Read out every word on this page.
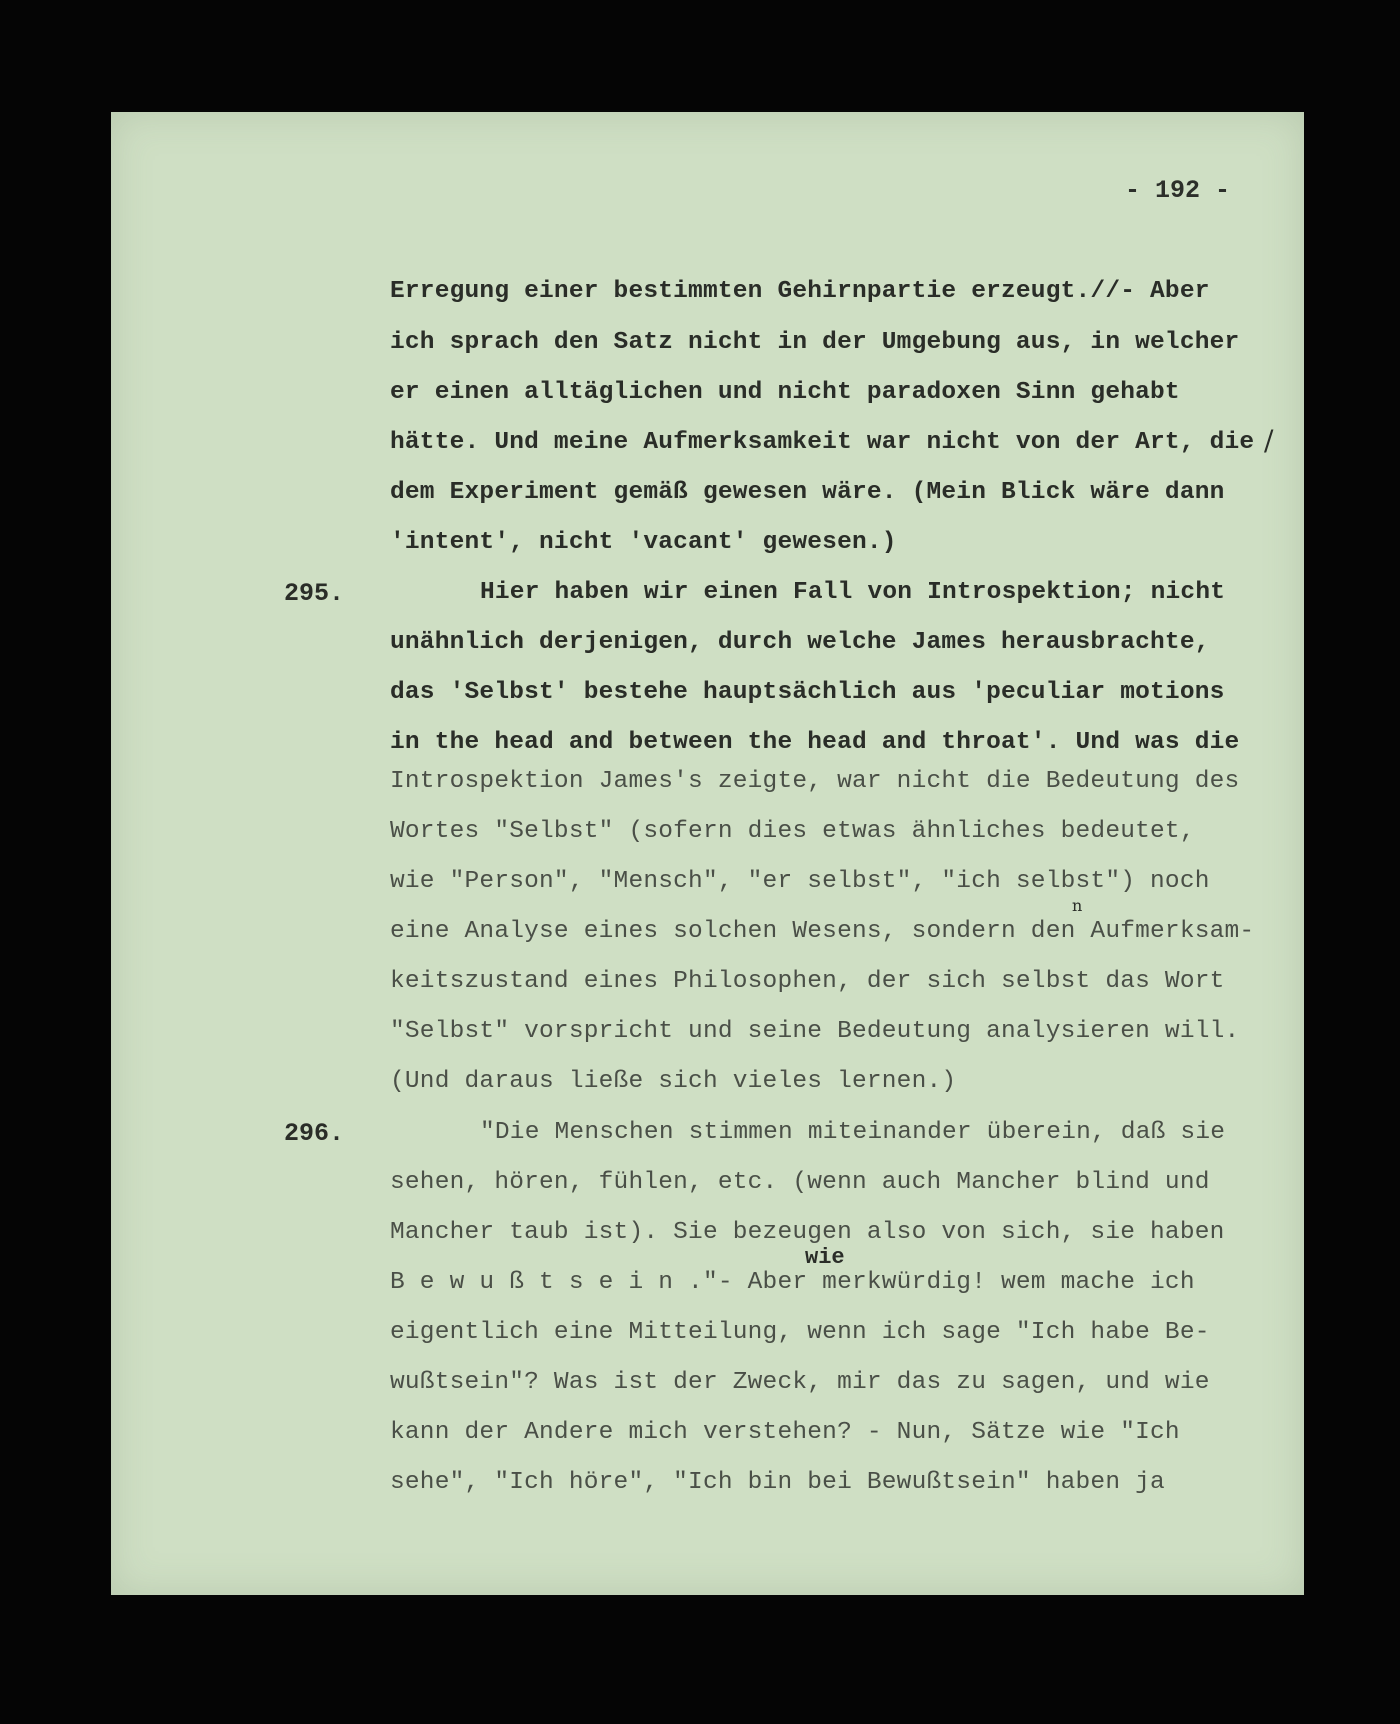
- 192 -
Erregung einer bestimmten Gehirnpartie erzeugt.//- Aber
ich sprach den Satz nicht in der Umgebung aus, in welcher
er einen alltäglichen und nicht paradoxen Sinn gehabt
hätte. Und meine Aufmerksamkeit war nicht von der Art, die /
dem Experiment gemäß gewesen wäre. (Mein Blick wäre dann
'intent', nicht 'vacant' gewesen.)
295.	Hier haben wir einen Fall von Introspektion; nicht
unähnlich derjenigen, durch welche James herausbrachte,
das 'Selbst' bestehe hauptsächlich aus 'peculiar motions
in the head and between the head and throat'. Und was die
Introspektion James's zeigte, war nicht die Bedeutung des
Wortes "Selbst" (sofern dies etwas ähnliches bedeutet,
wie "Person", "Mensch", "er selbst", "ich selbst") noch
n
eine Analyse eines solchen Wesens, sondern den Aufmerksam-
keitszustand eines Philosophen, der sich selbst das Wort
"Selbst" vorspricht und seine Bedeutung analysieren will.
(Und daraus ließe sich vieles lernen.)
296.	"Die Menschen stimmen miteinander überein, daß sie
sehen, hören, fühlen, etc. (wenn auch Mancher blind und
Mancher taub ist). Sie bezeugen also von sich, sie haben
wie
B e w u ß t s e i n ."- Aber merkwürdig! wem mache ich
eigentlich eine Mitteilung, wenn ich sage "Ich habe Be-
wußtsein"? Was ist der Zweck, mir das zu sagen, und wie
kann der Andere mich verstehen? - Nun, Sätze wie "Ich
sehe", "Ich höre", "Ich bin bei Bewußtsein" haben ja
